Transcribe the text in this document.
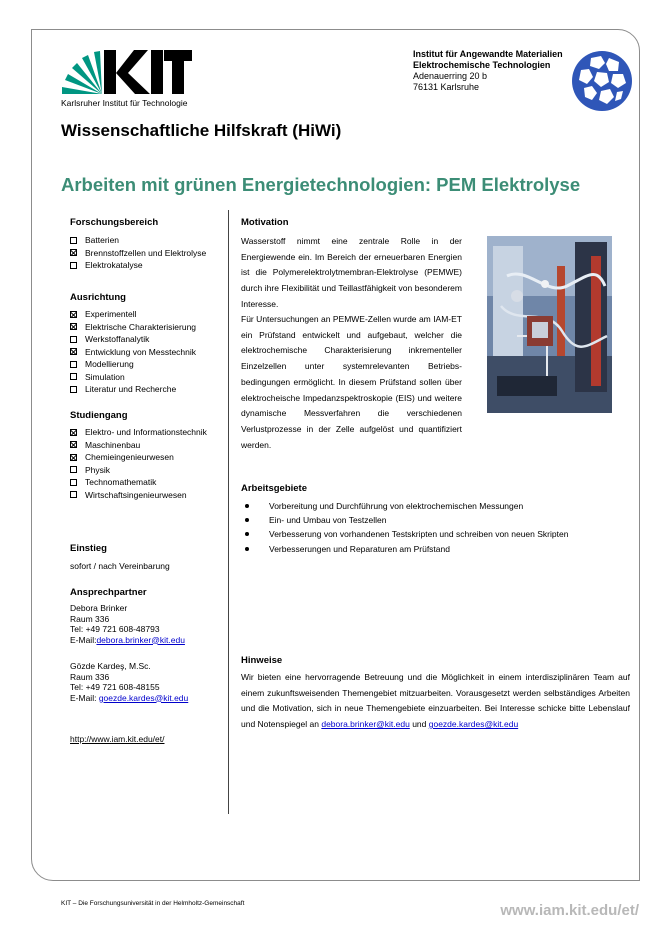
Karlsruher Institut für Technologie
Institut für Angewandte Materialien
Elektrochemische Technologien
Adenauerring 20 b
76131 Karlsruhe
Wissenschaftliche Hilfskraft (HiWi)
Arbeiten mit grünen Energietechnologien: PEM Elektrolyse
Forschungsbereich
Batterien
Brennstoffzellen und Elektrolyse
Elektrokatalyse
Ausrichtung
Experimentell
Elektrische Charakterisierung
Werkstoffanalytik
Entwicklung von Messtechnik
Modellierung
Simulation
Literatur und Recherche
Studiengang
Elektro- und Informationstechnik
Maschinenbau
Chemieingenieurwesen
Physik
Technomathematik
Wirtschaftsingenieurwesen
Einstieg
sofort / nach Vereinbarung
Ansprechpartner
Debora Brinker
Raum 336
Tel: +49 721 608-48793
E-Mail:debora.brinker@kit.edu
Gözde Kardeş, M.Sc.
Raum 336
Tel: +49 721 608-48155
E-Mail: goezde.kardes@kit.edu
http://www.iam.kit.edu/et/
Motivation

Wasserstoff nimmt eine zentrale Rolle in der Energiewende ein. Im Bereich der erneuerbaren Energien ist die Polymerelektrolytmembran-Elektrolyse (PEMWE) durch ihre Flexibilität und Teillastfähigkeit von besonderem Interesse.

Für Untersuchungen an PEMWE-Zellen wurde am IAM-ET ein Prüfstand entwickelt und aufgebaut, welcher die elektrochemische Charakterisierung inkrementeller Einzelzellen unter systemrelevanten Betriebs-bedingungen ermöglicht. In diesem Prüfstand sollen über elektrocheische Impedanzspektroskopie (EIS) und weitere dynamische Messverfahren die verschiedenen Verlustprozesse in der Zelle aufgelöst und quantifiziert werden.

Arbeitsgebiete
Vorbereitung und Durchführung von elektrochemischen Messungen
Ein- und Umbau von Testzellen
Verbesserung von vorhandenen Testskripten und schreiben von neuen Skripten
Verbesserungen und Reparaturen am Prüfstand
Hinweise

Wir bieten eine hervorragende Betreuung und die Möglichkeit in einem interdisziplinären Team auf einem zukunftsweisenden Themengebiet mitzuarbeiten. Vorausgesetzt werden selbständiges Arbeiten und die Motivation, sich in neue Themengebiete einzuarbeiten. Bei Interesse schicke bitte Lebenslauf und Notenspiegel an debora.brinker@kit.edu und goezde.kardes@kit.edu

KIT – Die Forschungsuniversität in der Helmholtz-Gemeinschaft	www.iam.kit.edu/et/
